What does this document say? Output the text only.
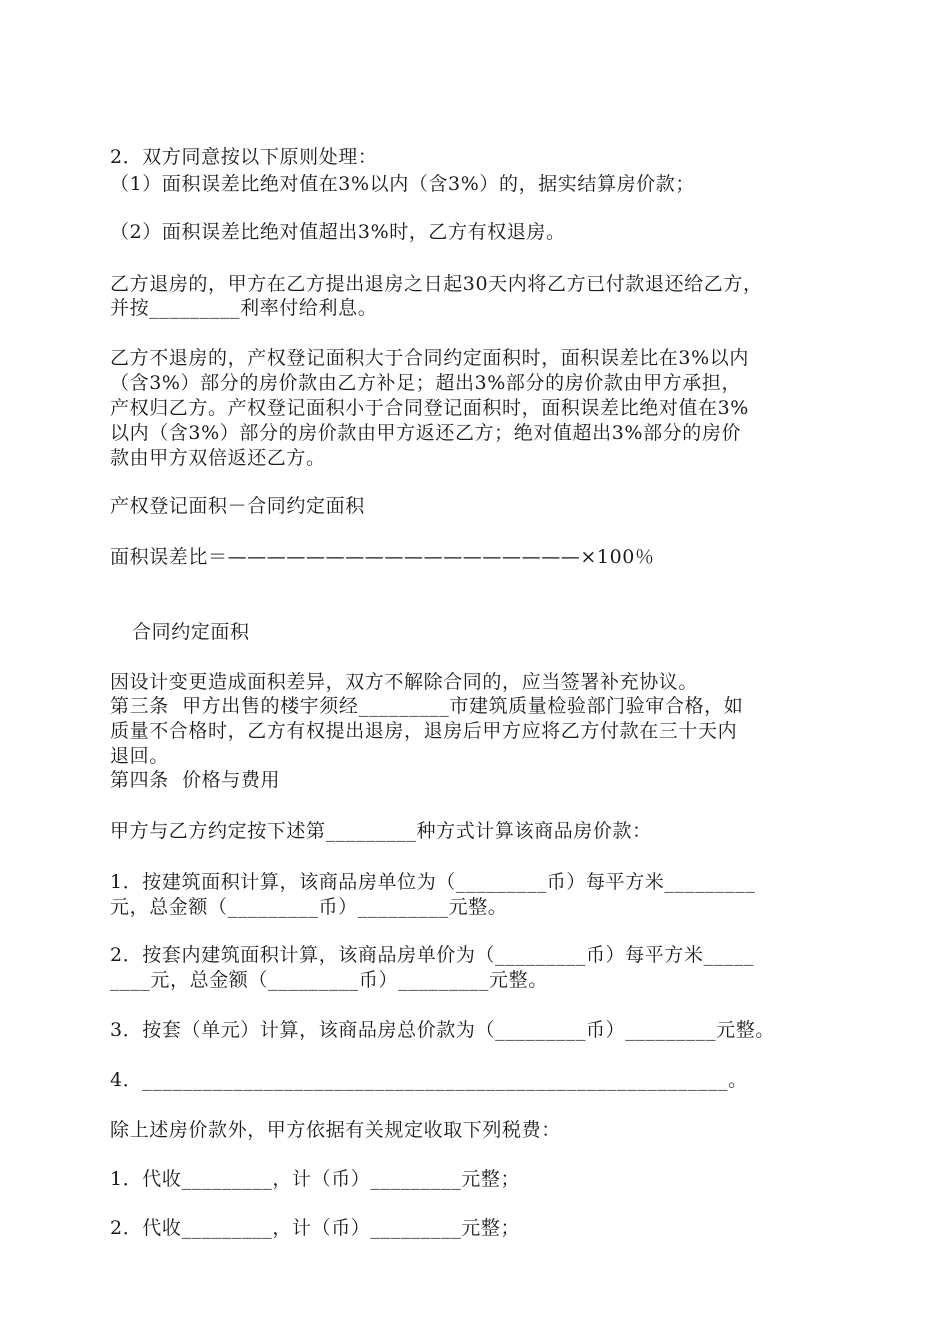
2．双方同意按以下原则处理：

（1）面积误差比绝对值在3%以内（含3%）的，据实结算房价款；

（2）面积误差比绝对值超出3%时，乙方有权退房。

乙方退房的，甲方在乙方提出退房之日起30天内将乙方已付款退还给乙方，

并按_________利率付给利息。

乙方不退房的，产权登记面积大于合同约定面积时，面积误差比在3%以内

（含3%）部分的房价款由乙方补足；超出3%部分的房价款由甲方承担，

产权归乙方。产权登记面积小于合同登记面积时，面积误差比绝对值在3%

以内（含3%）部分的房价款由甲方返还乙方；绝对值超出3%部分的房价

款由甲方双倍返还乙方。

产权登记面积－合同约定面积

面积误差比＝——————————————————×100％

合同约定面积

因设计变更造成面积差异，双方不解除合同的，应当签署补充协议。

第三条  甲方出售的楼宇须经_________市建筑质量检验部门验审合格，如

质量不合格时，乙方有权提出退房，退房后甲方应将乙方付款在三十天内

退回。

第四条  价格与费用

甲方与乙方约定按下述第_________种方式计算该商品房价款：

1．按建筑面积计算，该商品房单位为（_________币）每平方米_________

元，总金额（_________币）_________元整。

2．按套内建筑面积计算，该商品房单价为（_________币）每平方米_____

____元，总金额（_________币）_________元整。

3．按套（单元）计算，该商品房总价款为（_________币）_________元整。

4．__________________________________________________________。

除上述房价款外，甲方依据有关规定收取下列税费：

1．代收_________，计（币）_________元整；

2．代收_________，计（币）_________元整；
